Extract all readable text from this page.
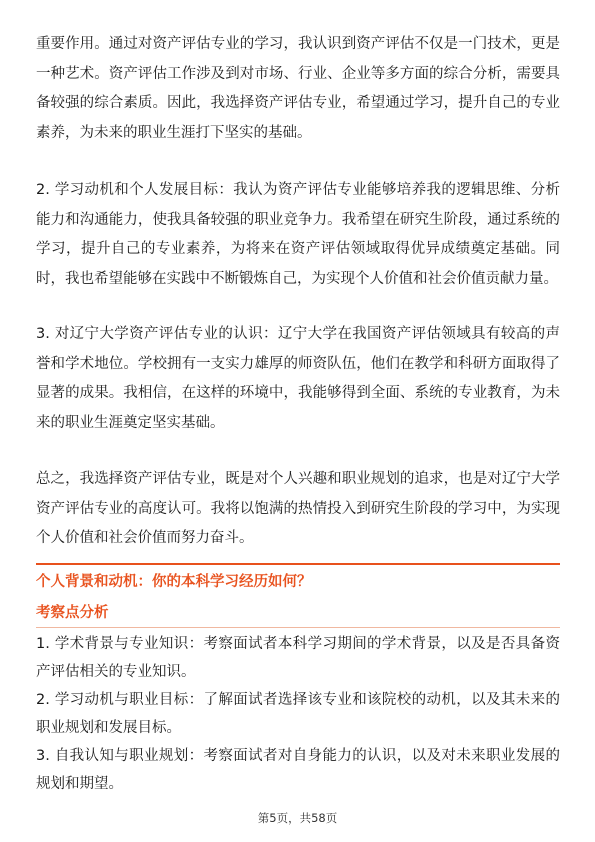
重要作用。通过对资产评估专业的学习，我认识到资产评估不仅是一门技术，更是一种艺术。资产评估工作涉及到对市场、行业、企业等多方面的综合分析，需要具备较强的综合素质。因此，我选择资产评估专业，希望通过学习，提升自己的专业素养，为未来的职业生涯打下坚实的基础。

2. 学习动机和个人发展目标：我认为资产评估专业能够培养我的逻辑思维、分析能力和沟通能力，使我具备较强的职业竞争力。我希望在研究生阶段，通过系统的学习，提升自己的专业素养，为将来在资产评估领域取得优异成绩奠定基础。同时，我也希望能够在实践中不断锻炼自己，为实现个人价值和社会价值贡献力量。

3. 对辽宁大学资产评估专业的认识：辽宁大学在我国资产评估领域具有较高的声誉和学术地位。学校拥有一支实力雄厚的师资队伍，他们在教学和科研方面取得了显著的成果。我相信，在这样的环境中，我能够得到全面、系统的专业教育，为未来的职业生涯奠定坚实基础。

总之，我选择资产评估专业，既是对个人兴趣和职业规划的追求，也是对辽宁大学资产评估专业的高度认可。我将以饱满的热情投入到研究生阶段的学习中，为实现个人价值和社会价值而努力奋斗。

个人背景和动机：你的本科学习经历如何？
考察点分析
1. 学术背景与专业知识：考察面试者本科学习期间的学术背景，以及是否具备资产评估相关的专业知识。
2. 学习动机与职业目标：了解面试者选择该专业和该院校的动机，以及其未来的职业规划和发展目标。
3. 自我认知与职业规划：考察面试者对自身能力的认识，以及对未来职业发展的规划和期望。
第5页，共58页
